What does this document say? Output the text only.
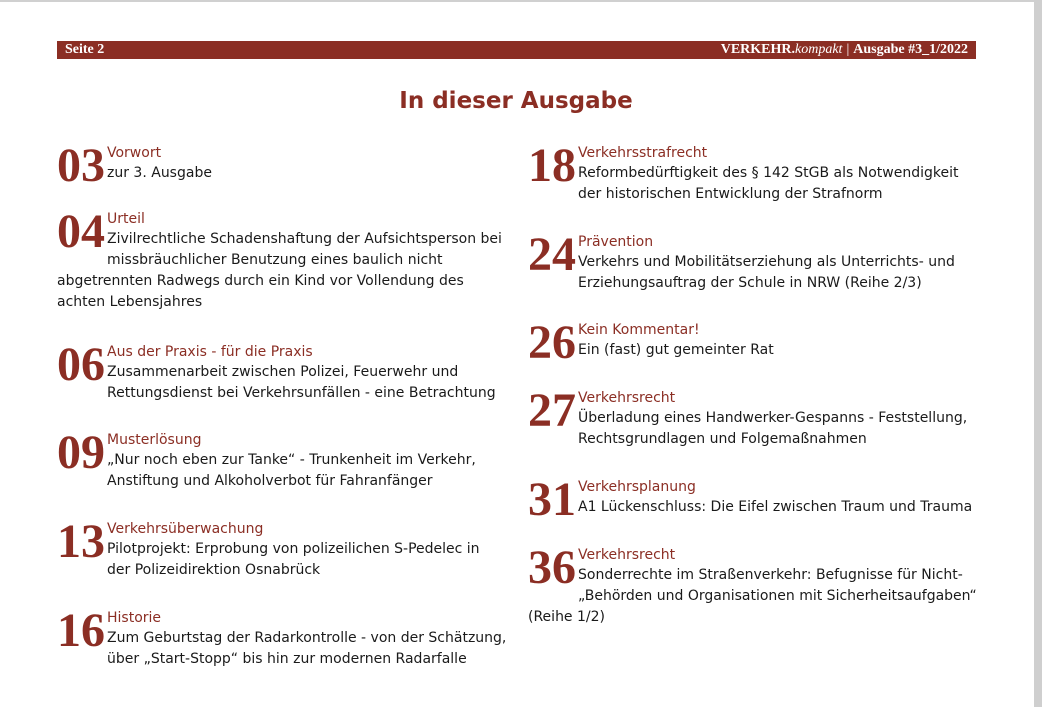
Seite 2	VERKEHR.kompakt | Ausgabe #3_1/2022
In dieser Ausgabe
03 Vorwort
zur 3. Ausgabe
04 Urteil
Zivilrechtliche Schadenshaftung der Aufsichtsperson bei missbräuchlicher Benutzung eines baulich nicht abgetrennten Radwegs durch ein Kind vor Vollendung des achten Lebensjahres
06 Aus der Praxis - für die Praxis
Zusammenarbeit zwischen Polizei, Feuerwehr und Rettungsdienst bei Verkehrsunfällen - eine Betrachtung
09 Musterlösung
„Nur noch eben zur Tanke“ - Trunkenheit im Verkehr, Anstiftung und Alkoholverbot für Fahranfänger
13 Verkehrsüberwachung
Pilotprojekt: Erprobung von polizeilichen S-Pedelec in der Polizeidirektion Osnabrück
16 Historie
Zum Geburtstag der Radarkontrolle - von der Schätzung, über „Start-Stopp“ bis hin zur modernen Radarfalle
18 Verkehrsstrafrecht
Reformbedürftigkeit des § 142 StGB als Notwendigkeit der historischen Entwicklung der Strafnorm
24 Prävention
Verkehrs und Mobilitätserziehung als Unterrichts- und Erziehungsauftrag der Schule in NRW (Reihe 2/3)
26 Kein Kommentar!
Ein (fast) gut gemeinter Rat
27 Verkehrsrecht
Überladung eines Handwerker-Gespanns - Feststellung, Rechtsgrundlagen und Folgemaßnahmen
31 Verkehrsplanung
A1 Lückenschluss: Die Eifel zwischen Traum und Trauma
36 Verkehrsrecht
Sonderrechte im Straßenverkehr: Befugnisse für Nicht-„Behörden und Organisationen mit Sicherheitsaufgaben“ (Reihe 1/2)
